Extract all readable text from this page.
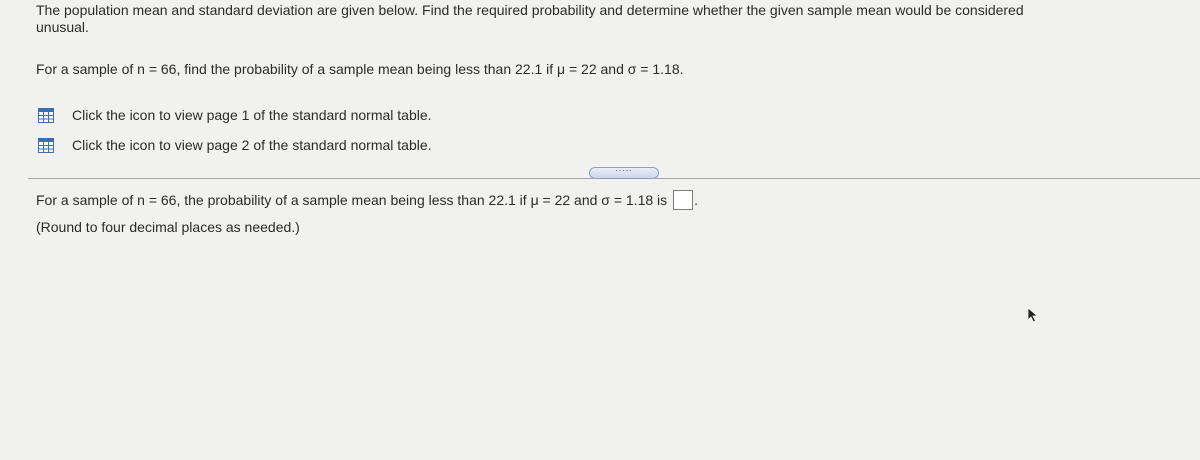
The population mean and standard deviation are given below. Find the required probability and determine whether the given sample mean would be considered
unusual.
For a sample of n = 66, find the probability of a sample mean being less than 22.1 if μ = 22 and σ = 1.18.
Click the icon to view page 1 of the standard normal table.
Click the icon to view page 2 of the standard normal table.
.....
For a sample of n = 66, the probability of a sample mean being less than 22.1 if μ = 22 and σ = 1.18 is .
(Round to four decimal places as needed.)
